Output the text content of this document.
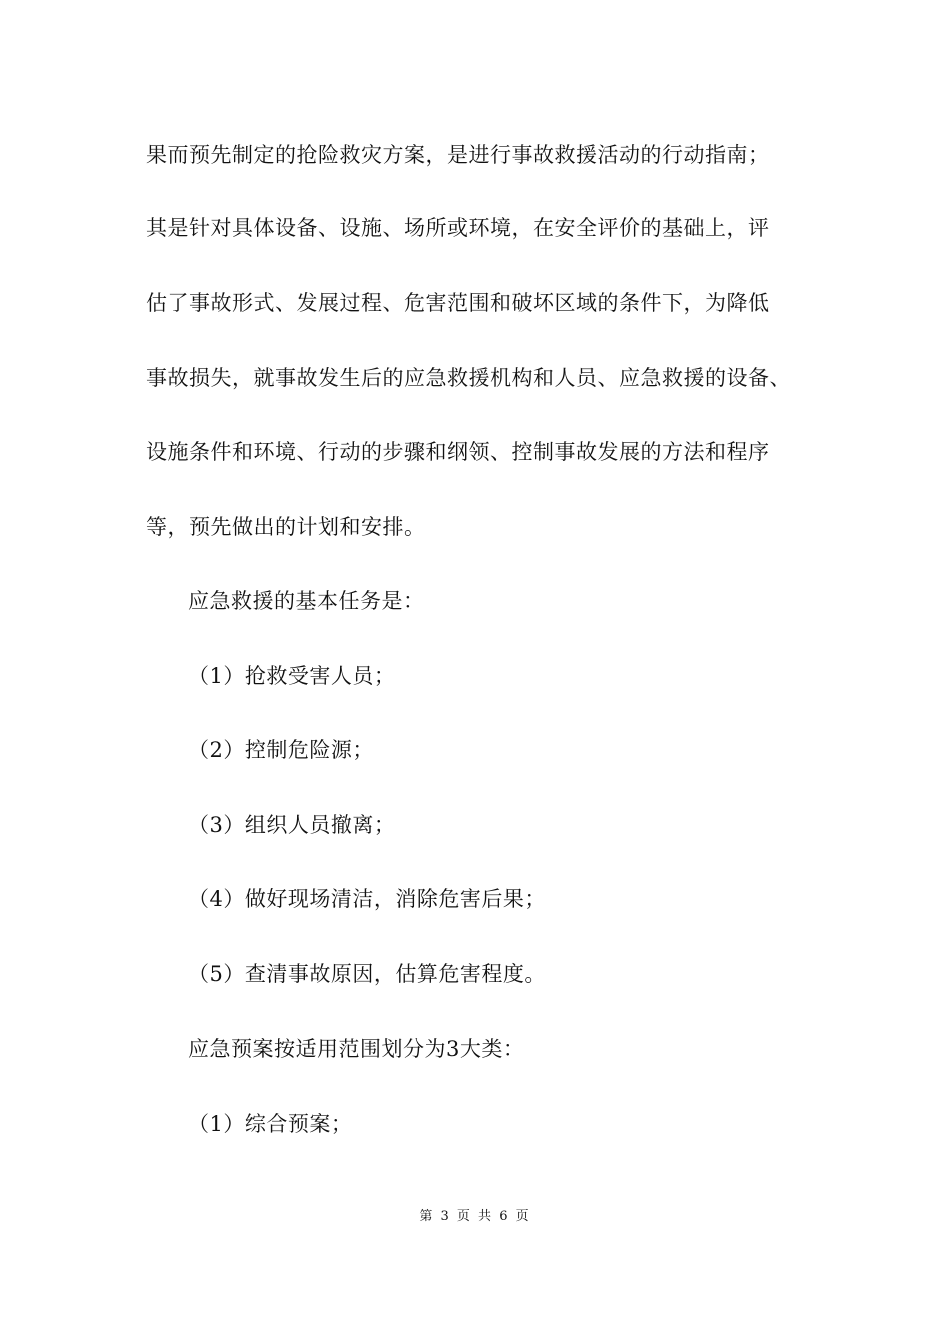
果而预先制定的抢险救灾方案，是进行事故救援活动的行动指南；
其是针对具体设备、设施、场所或环境，在安全评价的基础上，评
估了事故形式、发展过程、危害范围和破坏区域的条件下，为降低
事故损失，就事故发生后的应急救援机构和人员、应急救援的设备、
设施条件和环境、行动的步骤和纲领、控制事故发展的方法和程序
等，预先做出的计划和安排。
应急救援的基本任务是：
（1）抢救受害人员；
（2）控制危险源；
（3）组织人员撤离；
（4）做好现场清洁，消除危害后果；
（5）查清事故原因，估算危害程度。
应急预案按适用范围划分为3大类：
（1）综合预案；
第 3 页 共 6 页
